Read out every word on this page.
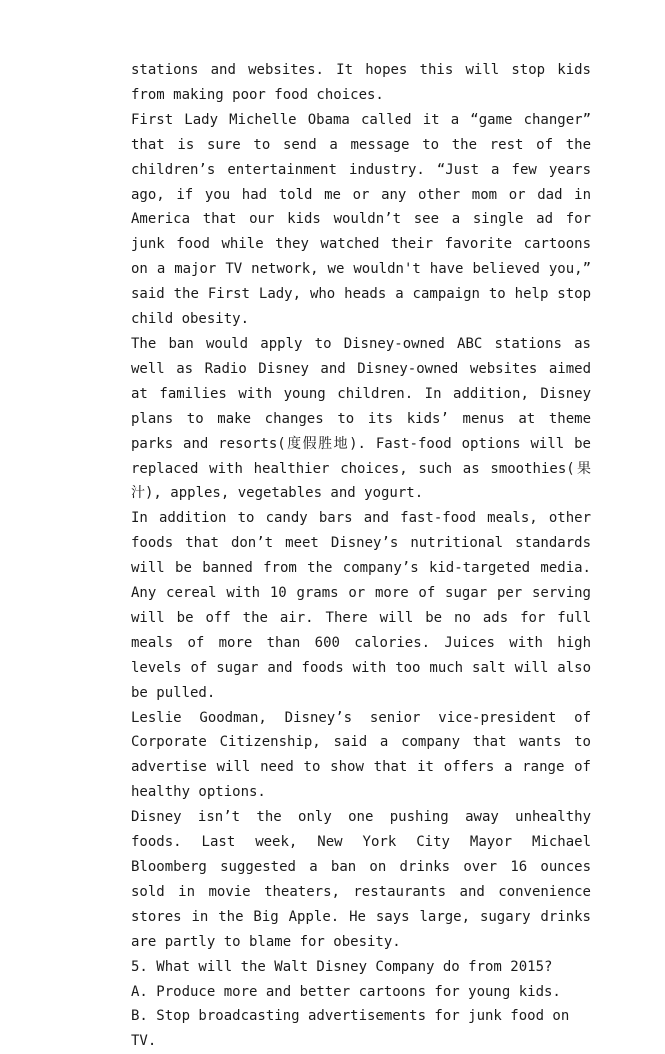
stations and websites. It hopes this will stop kids from making poor food choices.

First Lady Michelle Obama called it a “game changer” that is sure to send a message to the rest of the children’s entertainment industry. “Just a few years ago, if you had told me or any other mom or dad in America that our kids wouldn’t see a single ad for junk food while they watched their favorite cartoons on a major TV network, we wouldn't have believed you,” said the First Lady, who heads a campaign to help stop child obesity.

The ban would apply to Disney-owned ABC stations as well as Radio Disney and Disney-owned websites aimed at families with young children. In addition, Disney plans to make changes to its kids’ menus at theme parks and resorts(度假胜地). Fast-food options will be replaced with healthier choices, such as smoothies(果汁), apples, vegetables and yogurt.

In addition to candy bars and fast-food meals, other foods that don’t meet Disney’s nutritional standards will be banned from the company’s kid-targeted media. Any cereal with 10 grams or more of sugar per serving will be off the air. There will be no ads for full meals of more than 600 calories. Juices with high levels of sugar and foods with too much salt will also be pulled.

Leslie Goodman, Disney’s senior vice-president of Corporate Citizenship, said a company that wants to advertise will need to show that it offers a range of healthy options.

Disney isn’t the only one pushing away unhealthy foods. Last week, New York City Mayor Michael Bloomberg suggested a ban on drinks over 16 ounces sold in movie theaters, restaurants and convenience stores in the Big Apple. He says large, sugary drinks are partly to blame for obesity.

5. What will the Walt Disney Company do from 2015?

A. Produce more and better cartoons for young kids.

B. Stop broadcasting advertisements for junk food on TV.
